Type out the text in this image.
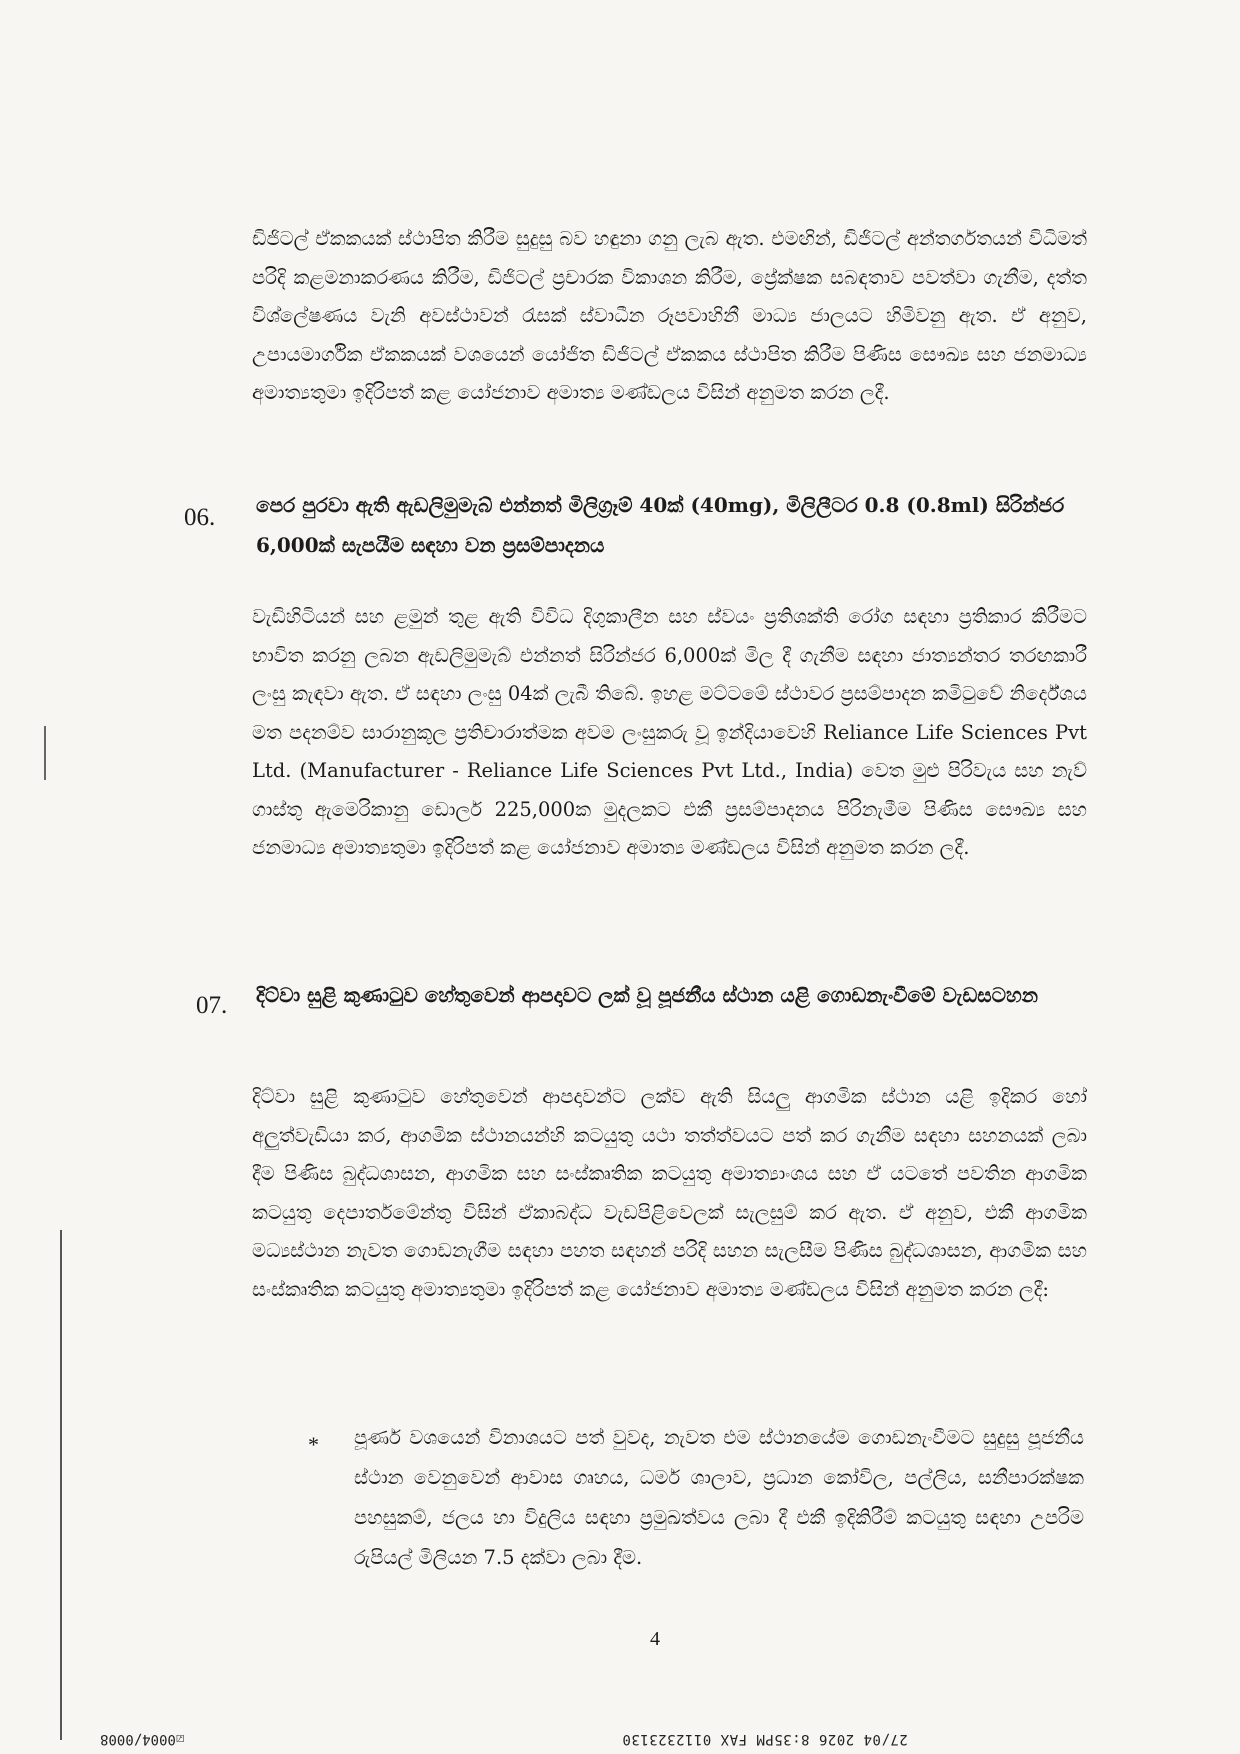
ඩිජිටල් ඒකකයක් ස්ථාපිත කිරීම සුදුසු බව හඳුනා ගනු ලැබ ඇත. එමඟින්, ඩිජිටල් අන්තර්ගතයන් විධිමත් පරිදි කළමනාකරණය කිරීම, ඩිජිටල් ප්‍රචාරක විකාශන කිරීම, ප්‍රේක්ෂක සබඳතාව පවත්වා ගැනීම, දත්ත විශ්ලේෂණය වැනි අවස්ථාවන් රැසක් ස්වාධීන රූපවාහිනී මාධ්‍ය ජාලයට හිමිවනු ඇත. ඒ අනුව, උපායමාර්ගික ඒකකයක් වශයෙන් යෝජිත ඩිජිටල් ඒකකය ස්ථාපිත කිරීම පිණිස සෞඛ්‍ය සහ ජනමාධ්‍ය අමාත්‍යතුමා ඉදිරිපත් කළ යෝජනාව අමාත්‍ය මණ්ඩලය විසින් අනුමත කරන ලදී.

06. පෙර පුරවා ඇති ඇඩලිමුමැබ් එන්නත් මිලිග්‍රෑම් 40ක් (40mg), මිලිලීටර 0.8 (0.8ml) සිරින්ජර 6,000ක් සැපයීම සඳහා වන ප්‍රසම්පාදනය

වැඩිහිටියන් සහ ළමුන් තුළ ඇති විවිධ දිගුකාලීන සහ ස්වයං ප්‍රතිශක්ති රෝග සඳහා ප්‍රතිකාර කිරීමට භාවිත කරනු ලබන ඇඩලිමුමැබ් එන්නත් සිරින්ජර 6,000ක් මිල දී ගැනීම සඳහා ජාත්‍යන්තර තරඟකාරී ලංසු කැඳවා ඇත. ඒ සඳහා ලංසු 04ක් ලැබී තිබේ. ඉහළ මට්ටමේ ස්ථාවර ප්‍රසම්පාදන කමිටුවේ නිර්දේශය මත පදනම්ව සාරානුකූල ප්‍රතිචාරාත්මක අවම ලංසුකරු වූ ඉන්දියාවෙහි Reliance Life Sciences Pvt Ltd. (Manufacturer - Reliance Life Sciences Pvt Ltd., India) වෙත මුළු පිරිවැය සහ නැව් ගාස්තු ඇමෙරිකානු ඩොලර් 225,000ක මුදලකට එකී ප්‍රසම්පාදනය පිරිනැමීම පිණිස සෞඛ්‍ය සහ ජනමාධ්‍ය අමාත්‍යතුමා ඉදිරිපත් කළ යෝජනාව අමාත්‍ය මණ්ඩලය විසින් අනුමත කරන ලදී.

07. දිට්වා සුළි කුණාටුව හේතුවෙන් ආපදාවට ලක් වූ පූජනීය ස්ථාන යළි ගොඩනැංවීමේ වැඩසටහන

දිට්වා සුළි කුණාටුව හේතුවෙන් ආපදාවන්ට ලක්ව ඇති සියලු ආගමික ස්ථාන යළි ඉදිකර හෝ අලුත්වැඩියා කර, ආගමික ස්ථානයන්හි කටයුතු යථා තත්ත්වයට පත් කර ගැනීම සඳහා සහනයක් ලබා දීම පිණිස බුද්ධශාසන, ආගමික සහ සංස්කෘතික කටයුතු අමාත්‍යාංශය සහ ඒ යටතේ පවතින ආගමික කටයුතු දෙපාර්තමේන්තු විසින් ඒකාබද්ධ වැඩපිළිවෙලක් සැලසුම් කර ඇත. ඒ අනුව, එකී ආගමික මධ්‍යස්ථාන නැවත ගොඩනැගීම සඳහා පහත සඳහන් පරිදි සහන සැලසීම පිණිස බුද්ධශාසන, ආගමික සහ සංස්කෘතික කටයුතු අමාත්‍යතුමා ඉදිරිපත් කළ යෝජනාව අමාත්‍ය මණ්ඩලය විසින් අනුමත කරන ලදී:

* පූර්ණ වශයෙන් විනාශයට පත් වුවද, නැවත එම ස්ථානයේම ගොඩනැංවීමට සුදුසු පූජනීය ස්ථාන වෙනුවෙන් ආවාස ගෘහය, ධර්ම ශාලාව, ප්‍රධාන කෝවිල, පල්ලිය, සනීපාරක්ෂක පහසුකම්, ජලය හා විදුලිය සඳහා ප්‍රමුඛත්වය ලබා දී එකී ඉදිකිරීම් කටයුතු සඳහා උපරිම රුපියල් මිලියන 7.5 දක්වා ලබා දීම.

4
☑0004/0008	27/04 2026 8:35PM FAX 0112323130
